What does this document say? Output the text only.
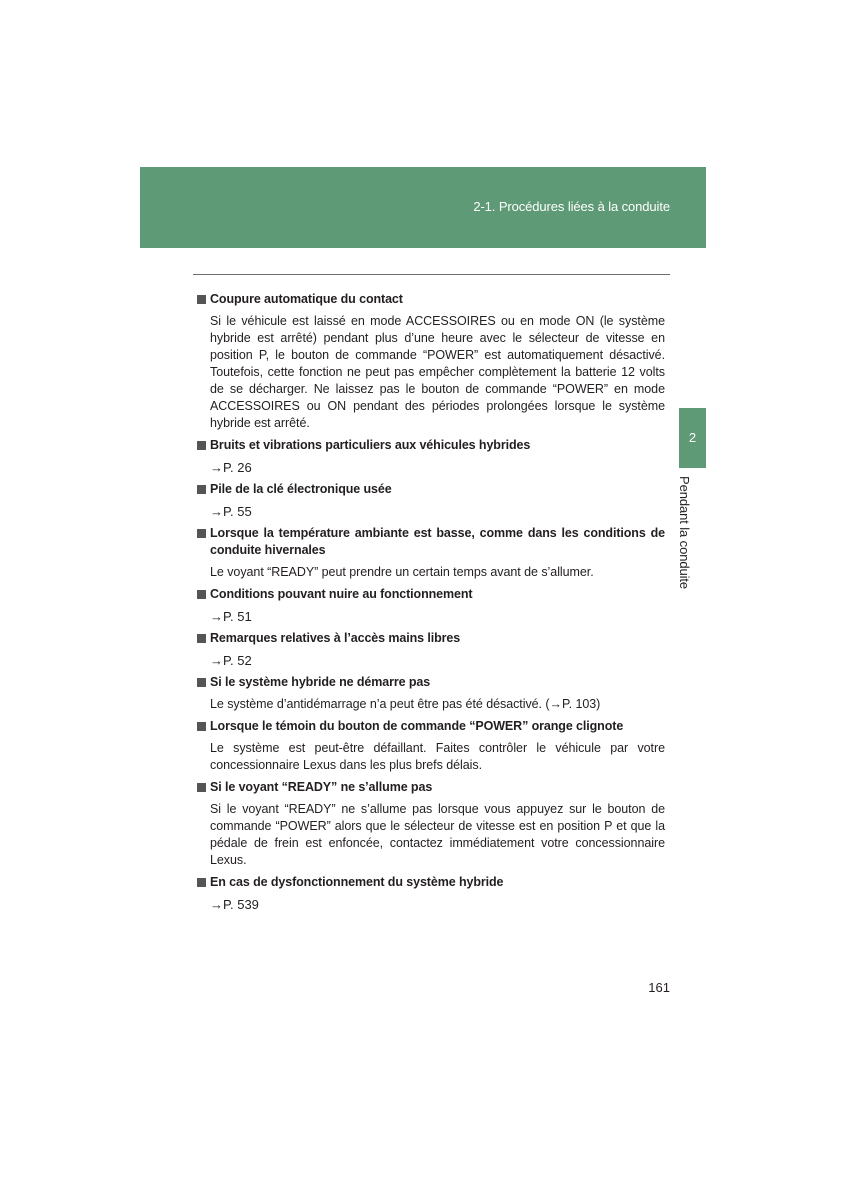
2-1. Procédures liées à la conduite
2
Pendant la conduite
Coupure automatique du contact
Si le véhicule est laissé en mode ACCESSOIRES ou en mode ON (le système hybride est arrêté) pendant plus d’une heure avec le sélecteur de vitesse en position P, le bouton de commande “POWER” est automatiquement désactivé. Toutefois, cette fonction ne peut pas empêcher complètement la batterie 12 volts de se décharger. Ne laissez pas le bouton de commande “POWER” en mode ACCESSOIRES ou ON pendant des périodes prolongées lorsque le système hybride est arrêté.
Bruits et vibrations particuliers aux véhicules hybrides
→P. 26
Pile de la clé électronique usée
→P. 55
Lorsque la température ambiante est basse, comme dans les conditions de conduite hivernales
Le voyant “READY” peut prendre un certain temps avant de s’allumer.
Conditions pouvant nuire au fonctionnement
→P. 51
Remarques relatives à l’accès mains libres
→P. 52
Si le système hybride ne démarre pas
Le système d’antidémarrage n’a peut être pas été désactivé. (→P. 103)
Lorsque le témoin du bouton de commande “POWER” orange clignote
Le système est peut-être défaillant. Faites contrôler le véhicule par votre concessionnaire Lexus dans les plus brefs délais.
Si le voyant “READY” ne s’allume pas
Si le voyant “READY” ne s’allume pas lorsque vous appuyez sur le bouton de commande “POWER” alors que le sélecteur de vitesse est en position P et que la pédale de frein est enfoncée, contactez immédiatement votre concessionnaire Lexus.
En cas de dysfonctionnement du système hybride
→P. 539
161
